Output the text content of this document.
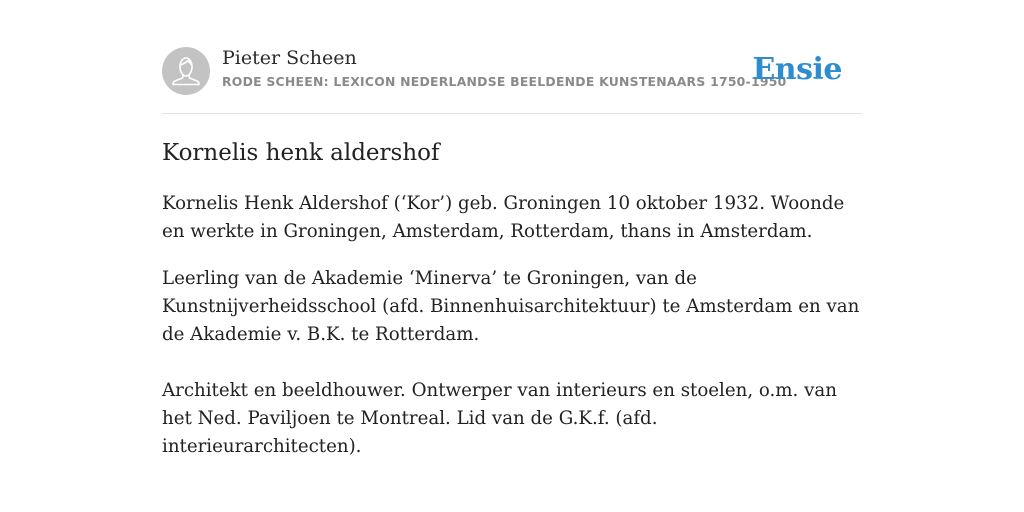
Pieter Scheen
RODE SCHEEN: LEXICON NEDERLANDSE BEELDENDE KUNSTENAARS 1750-1950
Ensie
Kornelis henk aldershof

Kornelis Henk Aldershof (‘Kor’) geb. Groningen 10 oktober 1932. Woonde en werkte in Groningen, Amsterdam, Rotterdam, thans in Amsterdam.

Leerling van de Akademie ‘Minerva’ te Groningen, van de Kunstnijverheidsschool (afd. Binnenhuisarchitektuur) te Amsterdam en van de Akademie v. B.K. te Rotterdam.

Architekt en beeldhouwer. Ontwerper van interieurs en stoelen, o.m. van het Ned. Paviljoen te Montreal. Lid van de G.K.f. (afd. interieurarchitecten).
